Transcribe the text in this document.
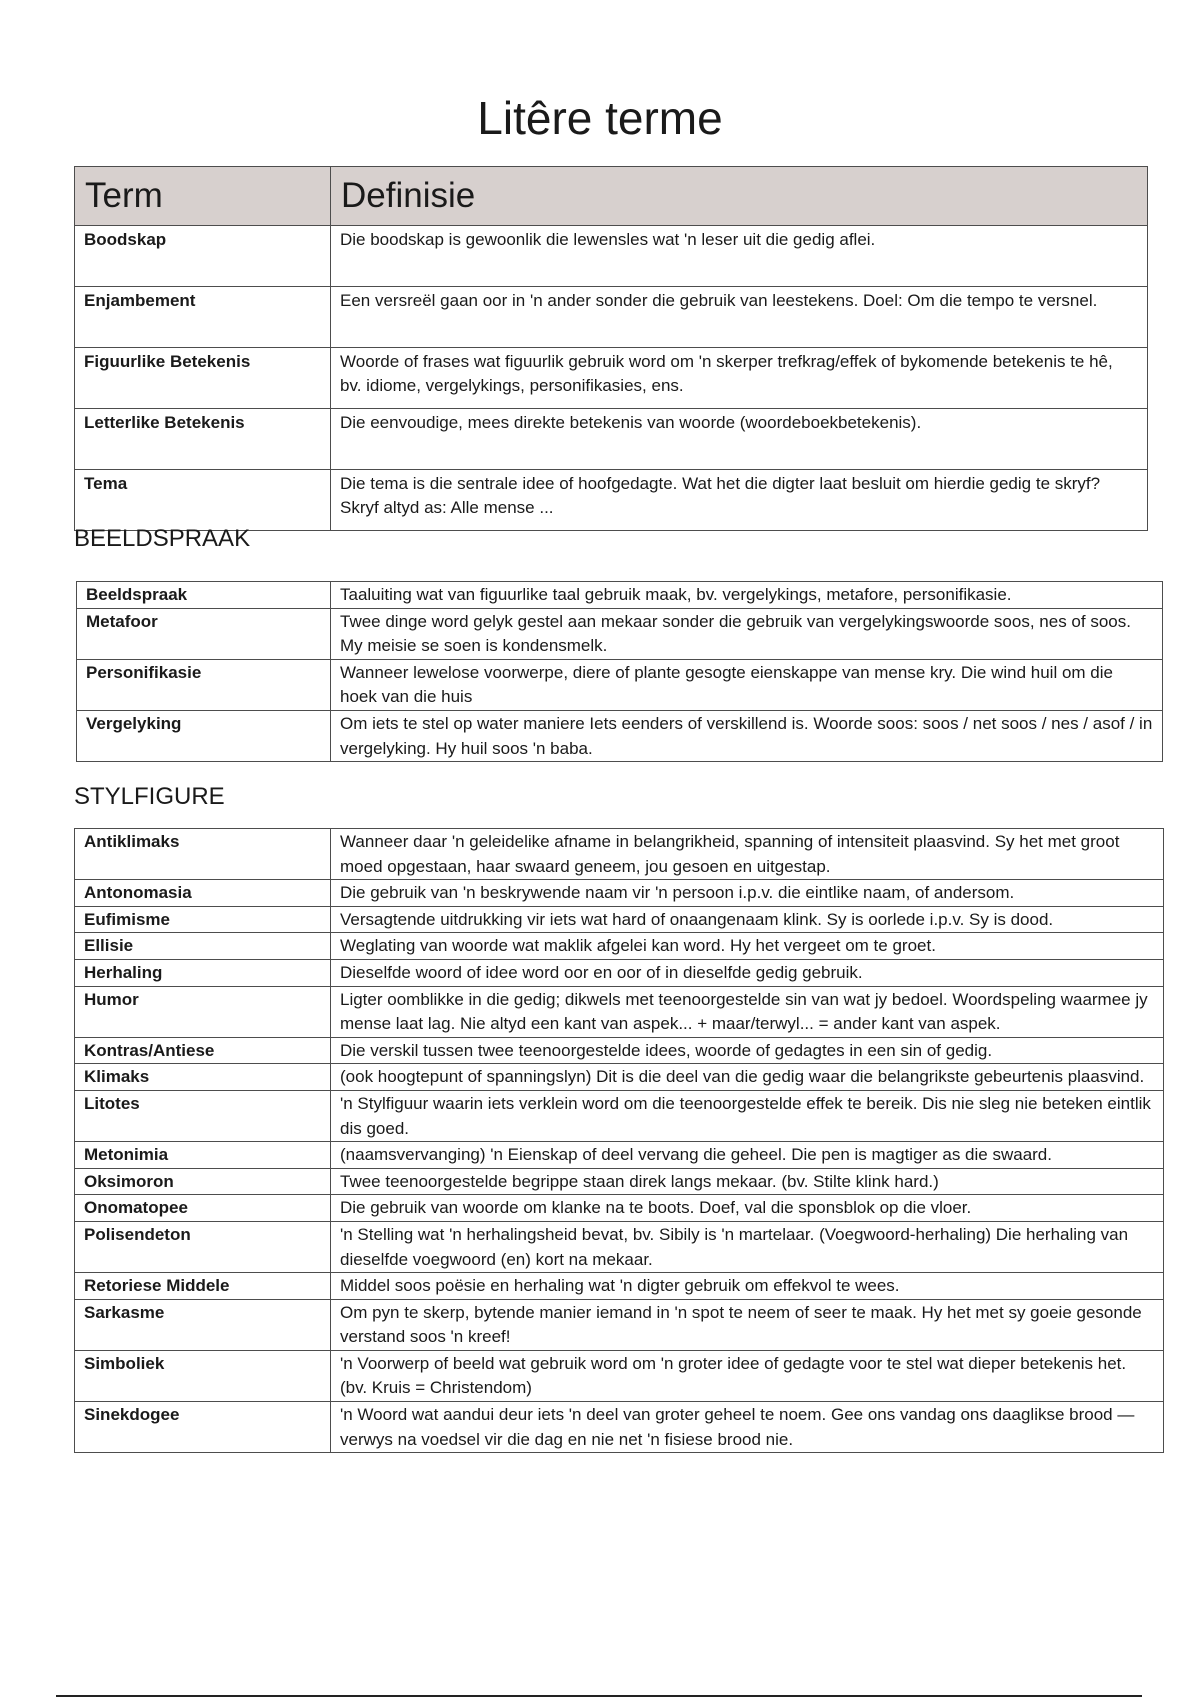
Litêre terme
Term	Definisie
Boodskap	Die boodskap is gewoonlik die lewensles wat 'n leser uit die gedig aflei.
Enjambement	Een versreël gaan oor in 'n ander sonder die gebruik van leestekens. Doel: Om die tempo te versnel.
Figuurlike Betekenis	Woorde of frases wat figuurlik gebruik word om 'n skerper trefkrag/effek of bykomende betekenis te hê, bv. idiome, vergelykings, personifikasies, ens.
Letterlike Betekenis	Die eenvoudige, mees direkte betekenis van woorde (woordeboekbetekenis).
Tema	Die tema is die sentrale idee of hoofgedagte. Wat het die digter laat besluit om hierdie gedig te skryf? Skryf altyd as: Alle mense ...
BEELDSPRAAK
Beeldspraak	Taaluiting wat van figuurlike taal gebruik maak, bv. vergelykings, metafore, personifikasie.
Metafoor	Twee dinge word gelyk gestel aan mekaar sonder die gebruik van vergelykingswoorde soos, nes of soos. My meisie se soen is kondensmelk.
Personifikasie	Wanneer lewelose voorwerpe, diere of plante gesogte eienskappe van mense kry. Die wind huil om die hoek van die huis
Vergelyking	Om iets te stel op water maniere Iets eenders of verskillend is. Woorde soos: soos / net soos / nes / asof / in vergelyking. Hy huil soos 'n baba.
STYLFIGURE
Antiklimaks	Wanneer daar 'n geleidelike afname in belangrikheid, spanning of intensiteit plaasvind. Sy het met groot moed opgestaan, haar swaard geneem, jou gesoen en uitgestap.
Antonomasia	Die gebruik van 'n beskrywende naam vir 'n persoon i.p.v. die eintlike naam, of andersom.
Eufimisme	Versagtende uitdrukking vir iets wat hard of onaangenaam klink. Sy is oorlede i.p.v. Sy is dood.
Ellisie	Weglating van woorde wat maklik afgelei kan word. Hy het vergeet om te groet.
Herhaling	Dieselfde woord of idee word oor en oor of in dieselfde gedig gebruik.
Humor	Ligter oomblikke in die gedig; dikwels met teenoorgestelde sin van wat jy bedoel. Woordspeling waarmee jy mense laat lag. Nie altyd een kant van aspek... + maar/terwyl... = ander kant van aspek.
Kontras/Antiese	Die verskil tussen twee teenoorgestelde idees, woorde of gedagtes in een sin of gedig.
Klimaks	(ook hoogtepunt of spanningslyn) Dit is die deel van die gedig waar die belangrikste gebeurtenis plaasvind.
Litotes	'n Stylfiguur waarin iets verklein word om die teenoorgestelde effek te bereik. Dis nie sleg nie beteken eintlik dis goed.
Metonimia	(naamsvervanging) 'n Eienskap of deel vervang die geheel. Die pen is magtiger as die swaard.
Oksimoron	Twee teenoorgestelde begrippe staan direk langs mekaar. (bv. Stilte klink hard.)
Onomatopee	Die gebruik van woorde om klanke na te boots. Doef, val die sponsblok op die vloer.
Polisendeton	'n Stelling wat 'n herhalingsheid bevat, bv. Sibily is 'n martelaar. (Voegwoord-herhaling) Die herhaling van dieselfde voegwoord (en) kort na mekaar.
Retoriese Middele	Middel soos poësie en herhaling wat 'n digter gebruik om effekvol te wees.
Sarkasme	Om pyn te skerp, bytende manier iemand in 'n spot te neem of seer te maak. Hy het met sy goeie gesonde verstand soos 'n kreef!
Simboliek	'n Voorwerp of beeld wat gebruik word om 'n groter idee of gedagte voor te stel wat dieper betekenis het. (bv. Kruis = Christendom)
Sinekdogee	'n Woord wat aandui deur iets 'n deel van groter geheel te noem. Gee ons vandag ons daaglikse brood — verwys na voedsel vir die dag en nie net 'n fisiese brood nie.
